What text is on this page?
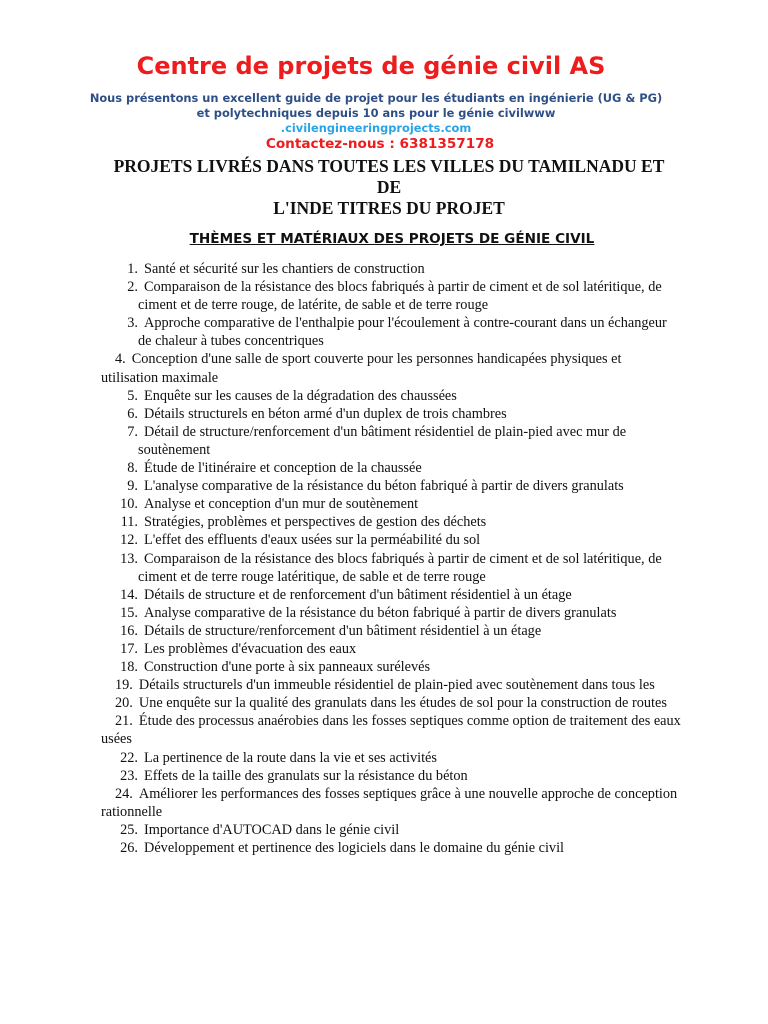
Centre de projets de génie civil AS
Nous présentons un excellent guide de projet pour les étudiants en ingénierie (UG & PG)
et polytechniques depuis 10 ans pour le génie civilwww
.civilengineeringprojects.com
Contactez-nous : 6381357178
PROJETS LIVRÉS DANS TOUTES LES VILLES DU TAMILNADU ET
DE
L'INDE TITRES DU PROJET
THÈMES ET MATÉRIAUX DES PROJETS DE GÉNIE CIVIL
1. Santé et sécurité sur les chantiers de construction
2. Comparaison de la résistance des blocs fabriqués à partir de ciment et de sol latéritique, de ciment et de terre rouge, de latérite, de sable et de terre rouge
3. Approche comparative de l'enthalpie pour l'écoulement à contre-courant dans un échangeur de chaleur à tubes concentriques
4. Conception d'une salle de sport couverte pour les personnes handicapées physiques et utilisation maximale
5. Enquête sur les causes de la dégradation des chaussées
6. Détails structurels en béton armé d'un duplex de trois chambres
7. Détail de structure/renforcement d'un bâtiment résidentiel de plain-pied avec mur de soutènement
8. Étude de l'itinéraire et conception de la chaussée
9. L'analyse comparative de la résistance du béton fabriqué à partir de divers granulats
10. Analyse et conception d'un mur de soutènement
11. Stratégies, problèmes et perspectives de gestion des déchets
12. L'effet des effluents d'eaux usées sur la perméabilité du sol
13. Comparaison de la résistance des blocs fabriqués à partir de ciment et de sol latéritique, de ciment et de terre rouge latéritique, de sable et de terre rouge
14. Détails de structure et de renforcement d'un bâtiment résidentiel à un étage
15. Analyse comparative de la résistance du béton fabriqué à partir de divers granulats
16. Détails de structure/renforcement d'un bâtiment résidentiel à un étage
17. Les problèmes d'évacuation des eaux
18. Construction d'une porte à six panneaux surélevés
19. Détails structurels d'un immeuble résidentiel de plain-pied avec soutènement dans tous les
20. Une enquête sur la qualité des granulats dans les études de sol pour la construction de routes
21. Étude des processus anaérobies dans les fosses septiques comme option de traitement des eaux usées
22. La pertinence de la route dans la vie et ses activités
23. Effets de la taille des granulats sur la résistance du béton
24. Améliorer les performances des fosses septiques grâce à une nouvelle approche de conception rationnelle
25. Importance d'AUTOCAD dans le génie civil
26. Développement et pertinence des logiciels dans le domaine du génie civil
